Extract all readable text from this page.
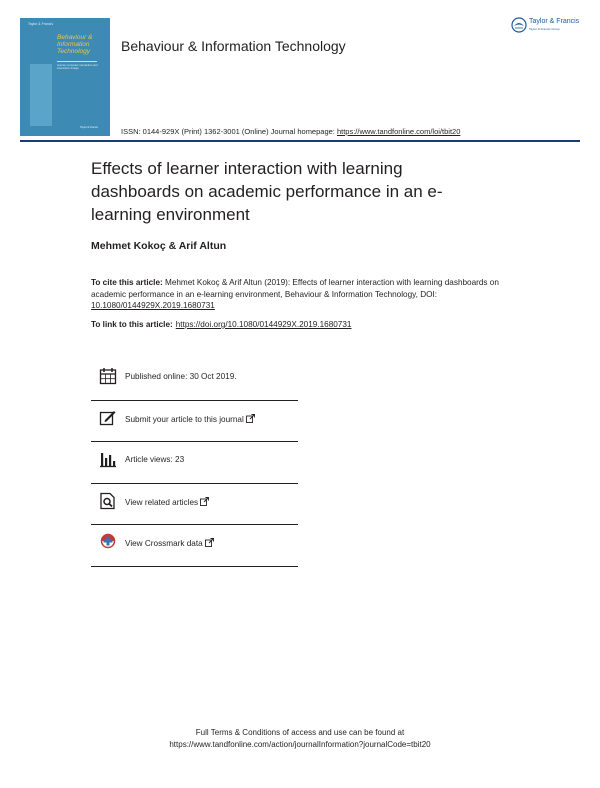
Taylor & Francis
Behaviour & Information Technology
Human-computer interaction and interaction design
Taylor & Francis
Behaviour & Information Technology
ISSN: 0144-929X (Print) 1362-3001 (Online) Journal homepage: https://www.tandfonline.com/loi/tbit20
Taylor & Francis
Taylor & Francis Group
Effects of learner interaction with learning dashboards on academic performance in an e-learning environment
Mehmet Kokoç & Arif Altun
To cite this article: Mehmet Kokoç & Arif Altun (2019): Effects of learner interaction with learning dashboards on academic performance in an e-learning environment, Behaviour & Information Technology, DOI: 10.1080/0144929X.2019.1680731
To link to this article: https://doi.org/10.1080/0144929X.2019.1680731
Published online: 30 Oct 2019.
Submit your article to this journal
Article views: 23
View related articles
View Crossmark data
Full Terms & Conditions of access and use can be found at
https://www.tandfonline.com/action/journalInformation?journalCode=tbit20
